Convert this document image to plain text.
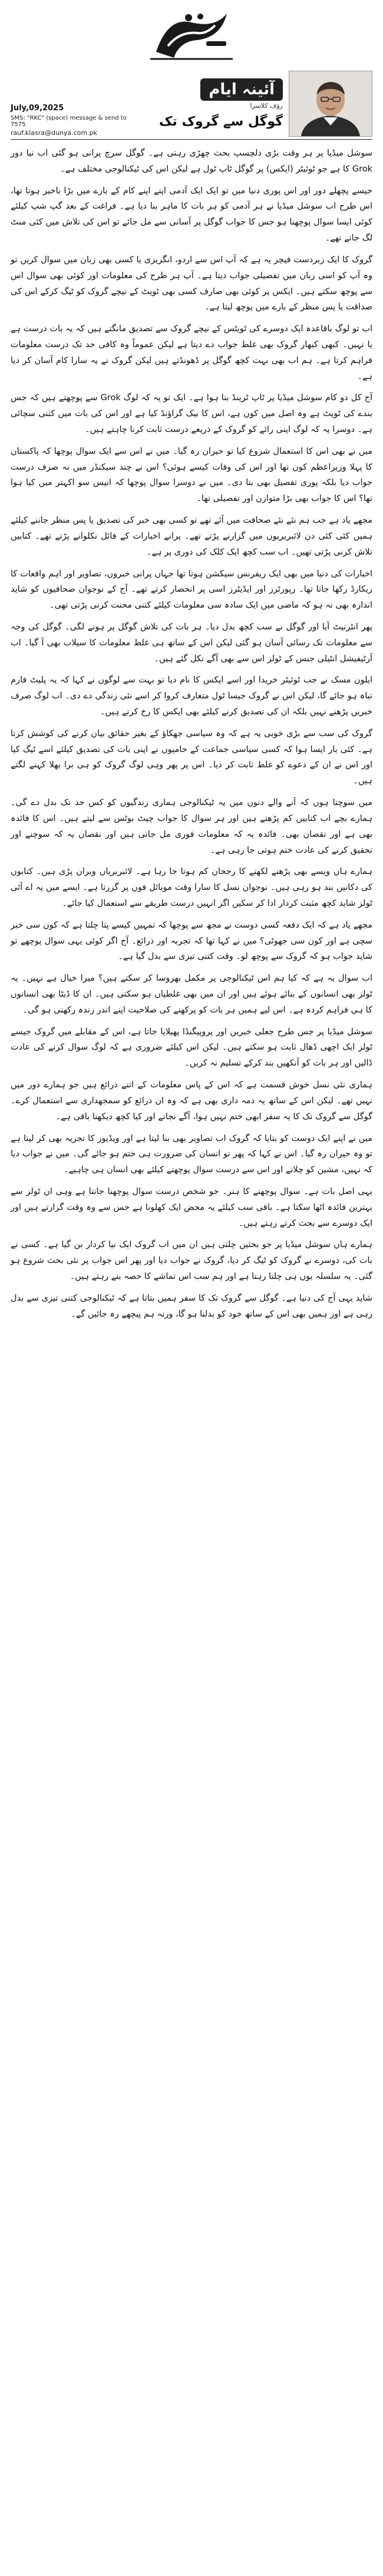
July,09,2025
SMS: "RKC" (space) message & send to 7575
rauf.klasra@dunya.com.pk
آئینہ ایام
رؤف کلاسرا
گوگل سے گروک تک

سوشل میڈیا پر ہر وقت بڑی دلچسپ بحث چھڑی رہتی ہے۔ گوگل سرچ پرانی ہو گئی اب نیا دور Grok کا ہے جو ٹوئیٹر (ایکس) پر گوگل ٹاپ ٹول ہے لیکن اس کی ٹیکنالوجی مختلف ہے۔

جیسے پچھلے دور اور اس پوری دنیا میں تو ایک ایک آدمی اپنے اپنے کام کے بارے میں بڑا باخبر ہوتا تھا، اس طرح اب سوشل میڈیا نے ہر آدمی کو ہر بات کا ماہر بنا دیا ہے۔ فراغت کے بعد گپ شپ کیلئے کوئی ایسا سوال پوچھنا ہو جس کا جواب گوگل پر آسانی سے مل جائے تو اس کی تلاش میں کئی منٹ لگ جاتے تھے۔

گروک کا ایک زبردست فیچر یہ ہے کہ آپ اس سے اردو، انگریزی یا کسی بھی زبان میں سوال کریں تو وہ آپ کو اسی زبان میں تفصیلی جواب دیتا ہے۔ آپ ہر طرح کی معلومات اور کوئی بھی سوال اس سے پوچھ سکتے ہیں۔ ایکس پر کوئی بھی صارف کسی بھی ٹویٹ کے نیچے گروک کو ٹیگ کرکے اس کی صداقت یا پس منظر کے بارے میں پوچھ لیتا ہے۔

اب تو لوگ باقاعدہ ایک دوسرے کی ٹویٹس کے نیچے گروک سے تصدیق مانگتے ہیں کہ یہ بات درست ہے یا نہیں۔ کبھی کبھار گروک بھی غلط جواب دے دیتا ہے لیکن عموماً وہ کافی حد تک درست معلومات فراہم کرتا ہے۔ ہم اب بھی بہت کچھ گوگل پر ڈھونڈتے ہیں لیکن گروک نے یہ سارا کام آسان کر دیا ہے۔

آج کل دو کام سوشل میڈیا پر ٹاپ ٹرینڈ بنا ہوا ہے۔ ایک تو یہ کہ لوگ Grok سے پوچھتے ہیں کہ جس بندے کی ٹویٹ ہے وہ اصل میں کون ہے، اس کا بیک گراؤنڈ کیا ہے اور اس کی بات میں کتنی سچائی ہے۔ دوسرا یہ کہ لوگ اپنی رائے کو گروک کے ذریعے درست ثابت کرنا چاہتے ہیں۔

میں نے بھی اس کا استعمال شروع کیا تو حیران رہ گیا۔ میں نے اس سے ایک سوال پوچھا کہ پاکستان کا پہلا وزیراعظم کون تھا اور اس کی وفات کیسے ہوئی؟ اس نے چند سیکنڈز میں نہ صرف درست جواب دیا بلکہ پوری تفصیل بھی بتا دی۔ میں نے دوسرا سوال پوچھا کہ انیس سو اکہتر میں کیا ہوا تھا؟ اس کا جواب بھی بڑا متوازن اور تفصیلی تھا۔

مجھے یاد ہے جب ہم نئے نئے صحافت میں آئے تھے تو کسی بھی خبر کی تصدیق یا پس منظر جاننے کیلئے ہمیں کئی کئی دن لائبریریوں میں گزارنے پڑتے تھے۔ پرانے اخبارات کے فائل نکلوانے پڑتے تھے۔ کتابیں تلاش کرنی پڑتی تھیں۔ اب سب کچھ ایک کلک کی دوری پر ہے۔

اخبارات کی دنیا میں بھی ایک ریفرنس سیکشن ہوتا تھا جہاں پرانی خبروں، تصاویر اور اہم واقعات کا ریکارڈ رکھا جاتا تھا۔ رپورٹرز اور ایڈیٹرز اسی پر انحصار کرتے تھے۔ آج کے نوجوان صحافیوں کو شاید اندازہ بھی نہ ہو کہ ماضی میں ایک سادہ سی معلومات کیلئے کتنی محنت کرنی پڑتی تھی۔

پھر انٹرنیٹ آیا اور گوگل نے سب کچھ بدل دیا۔ ہر بات کی تلاش گوگل پر ہونے لگی۔ گوگل کی وجہ سے معلومات تک رسائی آسان ہو گئی لیکن اس کے ساتھ ہی غلط معلومات کا سیلاب بھی آ گیا۔ اب آرٹیفیشل انٹیلی جنس کے ٹولز اس سے بھی آگے نکل گئے ہیں۔

ایلون مسک نے جب ٹوئیٹر خریدا اور اسے ایکس کا نام دیا تو بہت سے لوگوں نے کہا کہ یہ پلیٹ فارم تباہ ہو جائے گا، لیکن اس نے گروک جیسا ٹول متعارف کروا کر اسے نئی زندگی دے دی۔ اب لوگ صرف خبریں پڑھنے نہیں بلکہ ان کی تصدیق کرنے کیلئے بھی ایکس کا رخ کرتے ہیں۔

گروک کی سب سے بڑی خوبی یہ ہے کہ وہ سیاسی جھکاؤ کے بغیر حقائق بیان کرنے کی کوشش کرتا ہے۔ کئی بار ایسا ہوا کہ کسی سیاسی جماعت کے حامیوں نے اپنی بات کی تصدیق کیلئے اسے ٹیگ کیا اور اس نے ان کے دعوے کو غلط ثابت کر دیا۔ اس پر پھر وہی لوگ گروک کو ہی برا بھلا کہنے لگتے ہیں۔

میں سوچتا ہوں کہ آنے والے دنوں میں یہ ٹیکنالوجی ہماری زندگیوں کو کس حد تک بدل دے گی۔ ہمارے بچے اب کتابیں کم پڑھتے ہیں اور ہر سوال کا جواب چیٹ بوٹس سے لیتے ہیں۔ اس کا فائدہ بھی ہے اور نقصان بھی۔ فائدہ یہ کہ معلومات فوری مل جاتی ہیں اور نقصان یہ کہ سوچنے اور تحقیق کرنے کی عادت ختم ہوتی جا رہی ہے۔

ہمارے ہاں ویسے بھی پڑھنے لکھنے کا رجحان کم ہوتا جا رہا ہے۔ لائبریریاں ویران پڑی ہیں۔ کتابوں کی دکانیں بند ہو رہی ہیں۔ نوجوان نسل کا سارا وقت موبائل فون پر گزرتا ہے۔ ایسے میں یہ اے آئی ٹولز شاید کچھ مثبت کردار ادا کر سکیں اگر انہیں درست طریقے سے استعمال کیا جائے۔

مجھے یاد ہے کہ ایک دفعہ کسی دوست نے مجھ سے پوچھا کہ تمہیں کیسے پتا چلتا ہے کہ کون سی خبر سچی ہے اور کون سی جھوٹی؟ میں نے کہا تھا کہ تجربہ اور ذرائع۔ آج اگر کوئی یہی سوال پوچھے تو شاید جواب ہو کہ گروک سے پوچھ لو۔ وقت کتنی تیزی سے بدل گیا ہے۔

اب سوال یہ ہے کہ کیا ہم اس ٹیکنالوجی پر مکمل بھروسا کر سکتے ہیں؟ میرا خیال ہے نہیں۔ یہ ٹولز بھی انسانوں کے بنائے ہوئے ہیں اور ان میں بھی غلطیاں ہو سکتی ہیں۔ ان کا ڈیٹا بھی انسانوں کا ہی فراہم کردہ ہے۔ اس لیے ہمیں ہر بات کو پرکھنے کی صلاحیت اپنے اندر زندہ رکھنی ہو گی۔

سوشل میڈیا پر جس طرح جعلی خبریں اور پروپیگنڈا پھیلایا جاتا ہے، اس کے مقابلے میں گروک جیسے ٹولز ایک اچھی ڈھال ثابت ہو سکتے ہیں۔ لیکن اس کیلئے ضروری ہے کہ لوگ سوال کرنے کی عادت ڈالیں اور ہر بات کو آنکھیں بند کرکے تسلیم نہ کریں۔

ہماری نئی نسل خوش قسمت ہے کہ اس کے پاس معلومات کے اتنے ذرائع ہیں جو ہمارے دور میں نہیں تھے۔ لیکن اس کے ساتھ یہ ذمہ داری بھی ہے کہ وہ ان ذرائع کو سمجھداری سے استعمال کرے۔ گوگل سے گروک تک کا یہ سفر ابھی ختم نہیں ہوا، آگے نجانے اور کیا کچھ دیکھنا باقی ہے۔

میں نے اپنے ایک دوست کو بتایا کہ گروک اب تصاویر بھی بنا لیتا ہے اور ویڈیوز کا تجزیہ بھی کر لیتا ہے تو وہ حیران رہ گیا۔ اس نے کہا کہ پھر تو انسان کی ضرورت ہی ختم ہو جائے گی۔ میں نے جواب دیا کہ نہیں، مشین کو چلانے اور اس سے درست سوال پوچھنے کیلئے بھی انسان ہی چاہیے۔

یہی اصل بات ہے۔ سوال پوچھنے کا ہنر۔ جو شخص درست سوال پوچھنا جانتا ہے وہی ان ٹولز سے بہترین فائدہ اٹھا سکتا ہے۔ باقی سب کیلئے یہ محض ایک کھلونا ہے جس سے وہ وقت گزارتے ہیں اور ایک دوسرے سے بحث کرتے رہتے ہیں۔

ہمارے ہاں سوشل میڈیا پر جو بحثیں چلتی ہیں ان میں اب گروک ایک نیا کردار بن گیا ہے۔ کسی نے بات کی، دوسرے نے گروک کو ٹیگ کر دیا، گروک نے جواب دیا اور پھر اس جواب پر نئی بحث شروع ہو گئی۔ یہ سلسلہ یوں ہی چلتا رہتا ہے اور ہم سب اس تماشے کا حصہ بنے رہتے ہیں۔

شاید یہی آج کی دنیا ہے۔ گوگل سے گروک تک کا سفر ہمیں بتاتا ہے کہ ٹیکنالوجی کتنی تیزی سے بدل رہی ہے اور ہمیں بھی اس کے ساتھ خود کو بدلنا ہو گا، ورنہ ہم پیچھے رہ جائیں گے۔
